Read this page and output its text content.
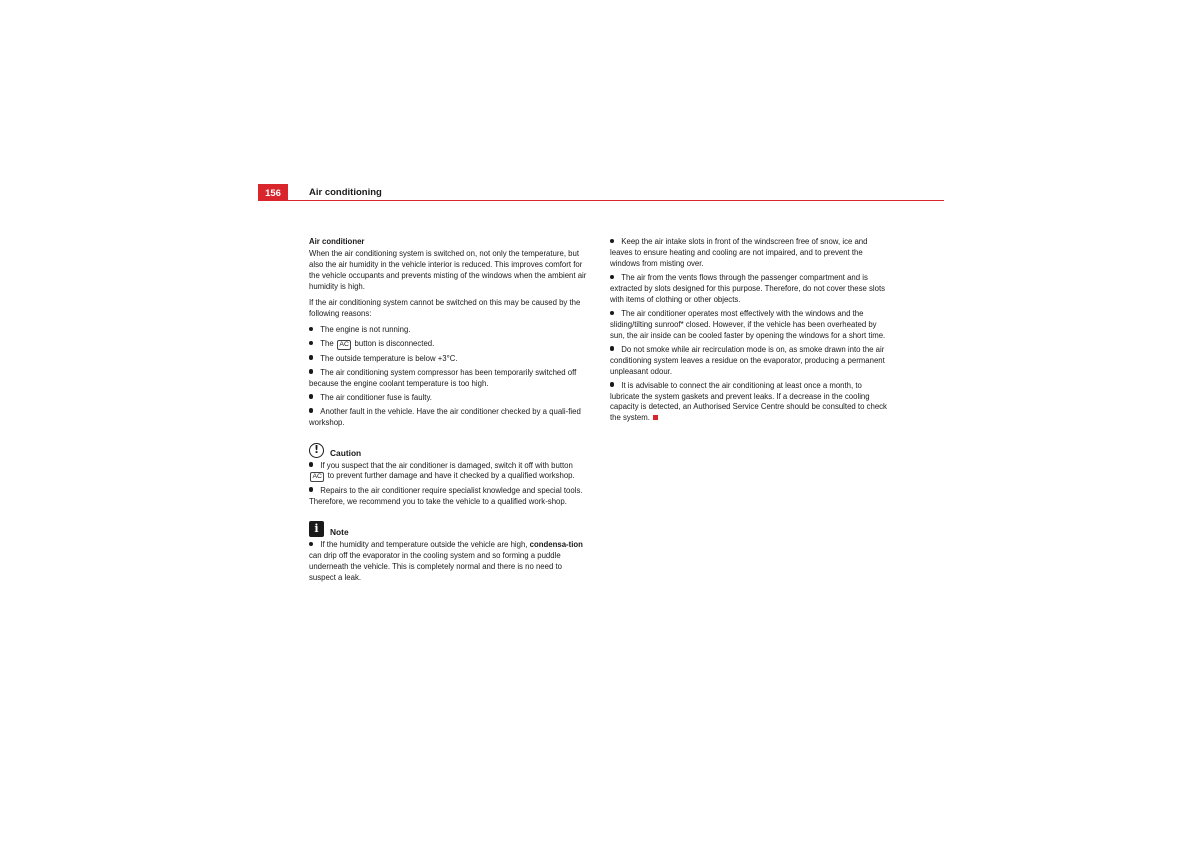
156	Air conditioning

Air conditioner

When the air conditioning system is switched on, not only the temperature, but also the air humidity in the vehicle interior is reduced. This improves comfort for the vehicle occupants and prevents misting of the windows when the ambient air humidity is high.

If the air conditioning system cannot be switched on this may be caused by the following reasons:

The engine is not running.

The AC button is disconnected.

The outside temperature is below +3°C.

The air conditioning system compressor has been temporarily switched off because the engine coolant temperature is too high.

The air conditioner fuse is faulty.

Another fault in the vehicle. Have the air conditioner checked by a quali-fied workshop.

!	Caution

If you suspect that the air conditioner is damaged, switch it off with button AC to prevent further damage and have it checked by a qualified workshop.

Repairs to the air conditioner require specialist knowledge and special tools. Therefore, we recommend you to take the vehicle to a qualified work-shop.

i	Note

If the humidity and temperature outside the vehicle are high, condensa-tion can drip off the evaporator in the cooling system and so forming a puddle underneath the vehicle. This is completely normal and there is no need to suspect a leak.

Keep the air intake slots in front of the windscreen free of snow, ice and leaves to ensure heating and cooling are not impaired, and to prevent the windows from misting over.

The air from the vents flows through the passenger compartment and is extracted by slots designed for this purpose. Therefore, do not cover these slots with items of clothing or other objects.

The air conditioner operates most effectively with the windows and the sliding/tilting sunroof* closed. However, if the vehicle has been overheated by sun, the air inside can be cooled faster by opening the windows for a short time.

Do not smoke while air recirculation mode is on, as smoke drawn into the air conditioning system leaves a residue on the evaporator, producing a permanent unpleasant odour.

It is advisable to connect the air conditioning at least once a month, to lubricate the system gaskets and prevent leaks. If a decrease in the cooling capacity is detected, an Authorised Service Centre should be consulted to check the system.
